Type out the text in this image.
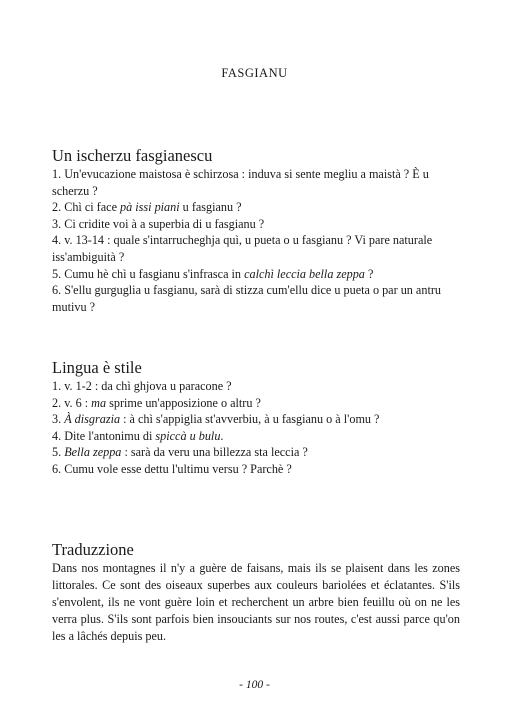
FASGIANU
Un ischerzu fasgianescu
1. Un'evucazione maistosa è schirzosa : induva si sente megliu a maistà ? È u scherzu ?
2. Chì ci face pà issi piani u fasgianu ?
3. Ci cridite voi à a superbia di u fasgianu ?
4. v. 13-14 : quale s'intarrucheghja quì, u pueta o u fasgianu ? Vi pare naturale iss'ambiguità ?
5. Cumu hè chì u fasgianu s'infrasca in calchì leccia bella zeppa ?
6. S'ellu gurguglia u fasgianu, sarà di stizza cum'ellu dice u pueta o par un antru mutivu ?
Lingua è stile
1. v. 1-2 : da chì ghjova u paracone ?
2. v. 6 : ma sprime un'apposizione o altru ?
3. À disgrazia : à chì s'appiglia st'avverbiu, à u fasgianu o à l'omu ?
4. Dite l'antonimu di spiccà u bulu.
5. Bella zeppa : sarà da veru una billezza sta leccia ?
6. Cumu vole esse dettu l'ultimu versu ? Parchè ?
Traduzzione

Dans nos montagnes il n'y a guère de faisans, mais ils se plaisent dans les zones littorales. Ce sont des oiseaux superbes aux couleurs bariolées et éclatantes. S'ils s'envolent, ils ne vont guère loin et recherchent un arbre bien feuillu où on ne les verra plus. S'ils sont parfois bien insouciants sur nos routes, c'est aussi parce qu'on les a lâchés depuis peu.

- 100 -
